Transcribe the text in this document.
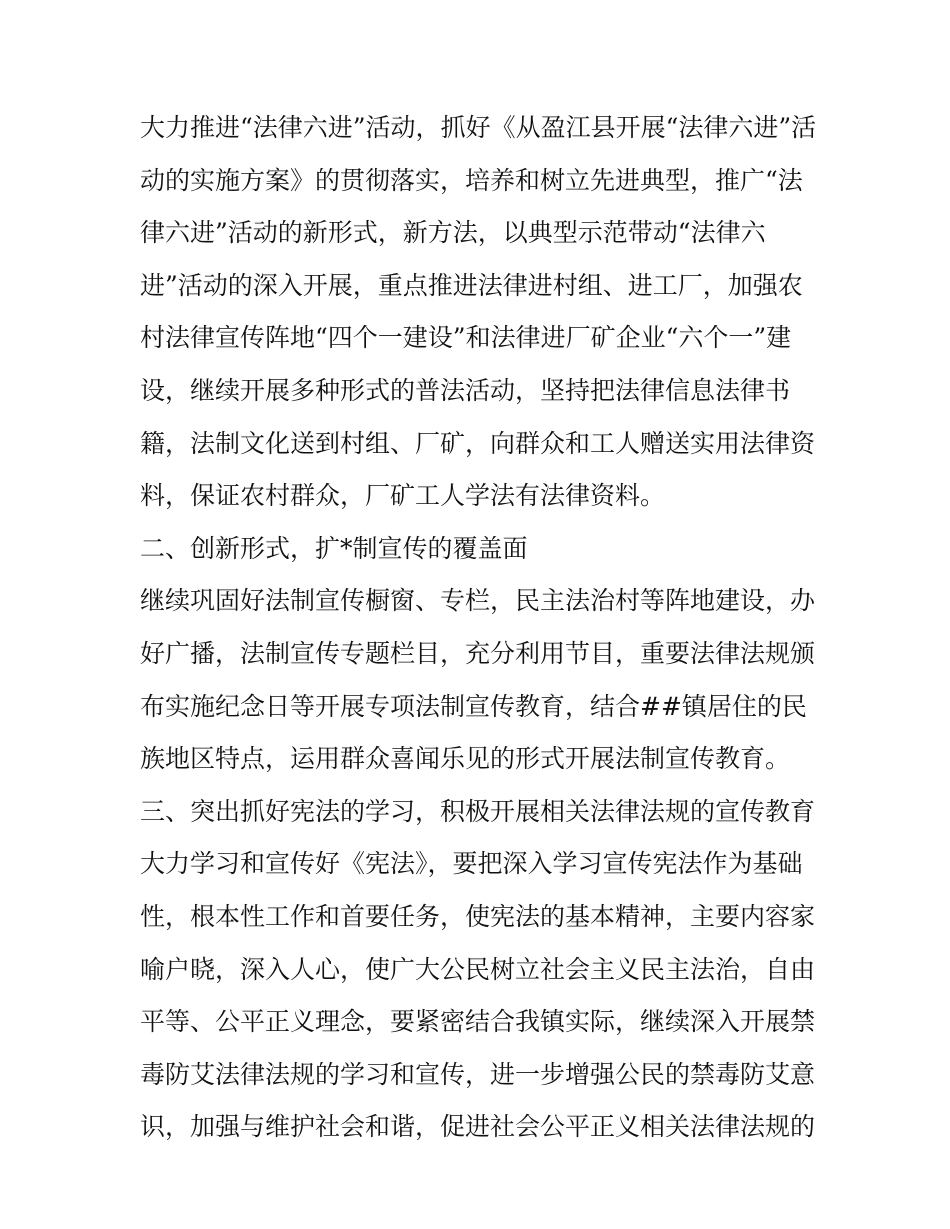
大力推进“法律六进”活动，抓好《从盈江县开展“法律六进”活
动的实施方案》的贯彻落实，培养和树立先进典型，推广“法
律六进”活动的新形式，新方法，以典型示范带动“法律六
进”活动的深入开展，重点推进法律进村组、进工厂，加强农
村法律宣传阵地“四个一建设”和法律进厂矿企业“六个一”建
设，继续开展多种形式的普法活动，坚持把法律信息法律书
籍，法制文化送到村组、厂矿，向群众和工人赠送实用法律资
料，保证农村群众，厂矿工人学法有法律资料。
二、创新形式，扩*制宣传的覆盖面
继续巩固好法制宣传橱窗、专栏，民主法治村等阵地建设，办
好广播，法制宣传专题栏目，充分利用节目，重要法律法规颁
布实施纪念日等开展专项法制宣传教育，结合##镇居住的民
族地区特点，运用群众喜闻乐见的形式开展法制宣传教育。
三、突出抓好宪法的学习，积极开展相关法律法规的宣传教育
大力学习和宣传好《宪法》，要把深入学习宣传宪法作为基础
性，根本性工作和首要任务，使宪法的基本精神，主要内容家
喻户晓，深入人心，使广大公民树立社会主义民主法治，自由
平等、公平正义理念，要紧密结合我镇实际，继续深入开展禁
毒防艾法律法规的学习和宣传，进一步增强公民的禁毒防艾意
识，加强与维护社会和谐，促进社会公平正义相关法律法规的
